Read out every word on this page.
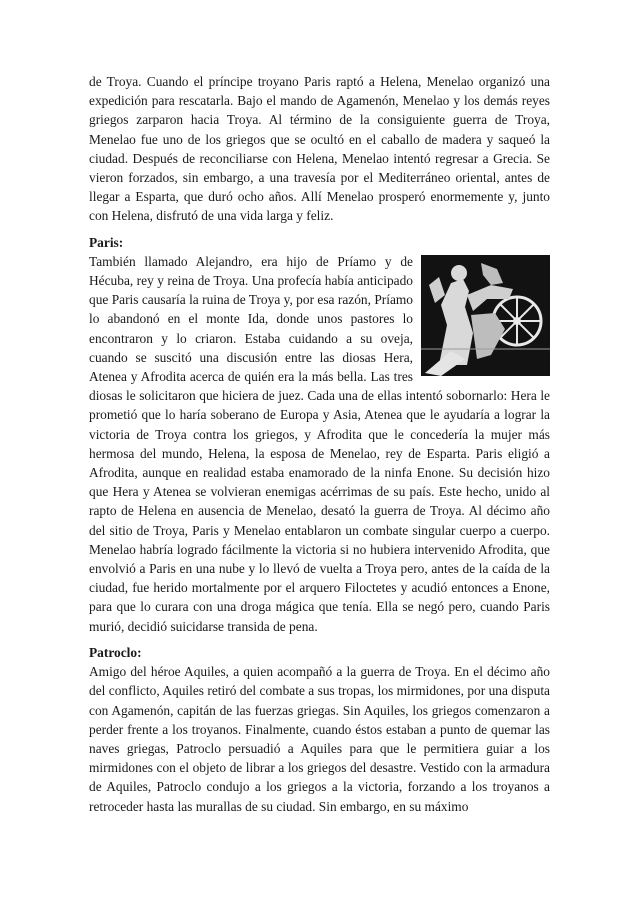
de Troya. Cuando el príncipe troyano Paris raptó a Helena, Menelao organizó una expedición para rescatarla. Bajo el mando de Agamenón, Menelao y los demás reyes griegos zarparon hacia Troya. Al término de la consiguiente guerra de Troya, Menelao fue uno de los griegos que se ocultó en el caballo de madera y saqueó la ciudad. Después de reconciliarse con Helena, Menelao intentó regresar a Grecia. Se vieron forzados, sin embargo, a una travesía por el Mediterráneo oriental, antes de llegar a Esparta, que duró ocho años. Allí Menelao prosperó enormemente y, junto con Helena, disfrutó de una vida larga y feliz.

Paris:

También llamado Alejandro, era hijo de Príamo y de Hécuba, rey y reina de Troya. Una profecía había anticipado que Paris causaría la ruina de Troya y, por esa razón, Príamo lo abandonó en el monte Ida, donde unos pastores lo encontraron y lo criaron. Estaba cuidando a su oveja, cuando se suscitó una discusión entre las diosas Hera, Atenea y Afrodita acerca de quién era la más bella. Las tres diosas le solicitaron que hiciera de juez. Cada una de ellas intentó sobornarlo: Hera le prometió que lo haría soberano de Europa y Asia, Atenea que le ayudaría a lograr la victoria de Troya contra los griegos, y Afrodita que le concedería la mujer más hermosa del mundo, Helena, la esposa de Menelao, rey de Esparta. Paris eligió a Afrodita, aunque en realidad estaba enamorado de la ninfa Enone. Su decisión hizo que Hera y Atenea se volvieran enemigas acérrimas de su país. Este hecho, unido al rapto de Helena en ausencia de Menelao, desató la guerra de Troya. Al décimo año del sitio de Troya, Paris y Menelao entablaron un combate singular cuerpo a cuerpo. Menelao habría logrado fácilmente la victoria si no hubiera intervenido Afrodita, que envolvió a Paris en una nube y lo llevó de vuelta a Troya pero, antes de la caída de la ciudad, fue herido mortalmente por el arquero Filoctetes y acudió entonces a Enone, para que lo curara con una droga mágica que tenía. Ella se negó pero, cuando Paris murió, decidió suicidarse transida de pena.

Patroclo:

Amigo del héroe Aquiles, a quien acompañó a la guerra de Troya. En el décimo año del conflicto, Aquiles retiró del combate a sus tropas, los mirmidones, por una disputa con Agamenón, capitán de las fuerzas griegas. Sin Aquiles, los griegos comenzaron a perder frente a los troyanos. Finalmente, cuando éstos estaban a punto de quemar las naves griegas, Patroclo persuadió a Aquiles para que le permitiera guiar a los mirmidones con el objeto de librar a los griegos del desastre. Vestido con la armadura de Aquiles, Patroclo condujo a los griegos a la victoria, forzando a los troyanos a retroceder hasta las murallas de su ciudad. Sin embargo, en su máximo
